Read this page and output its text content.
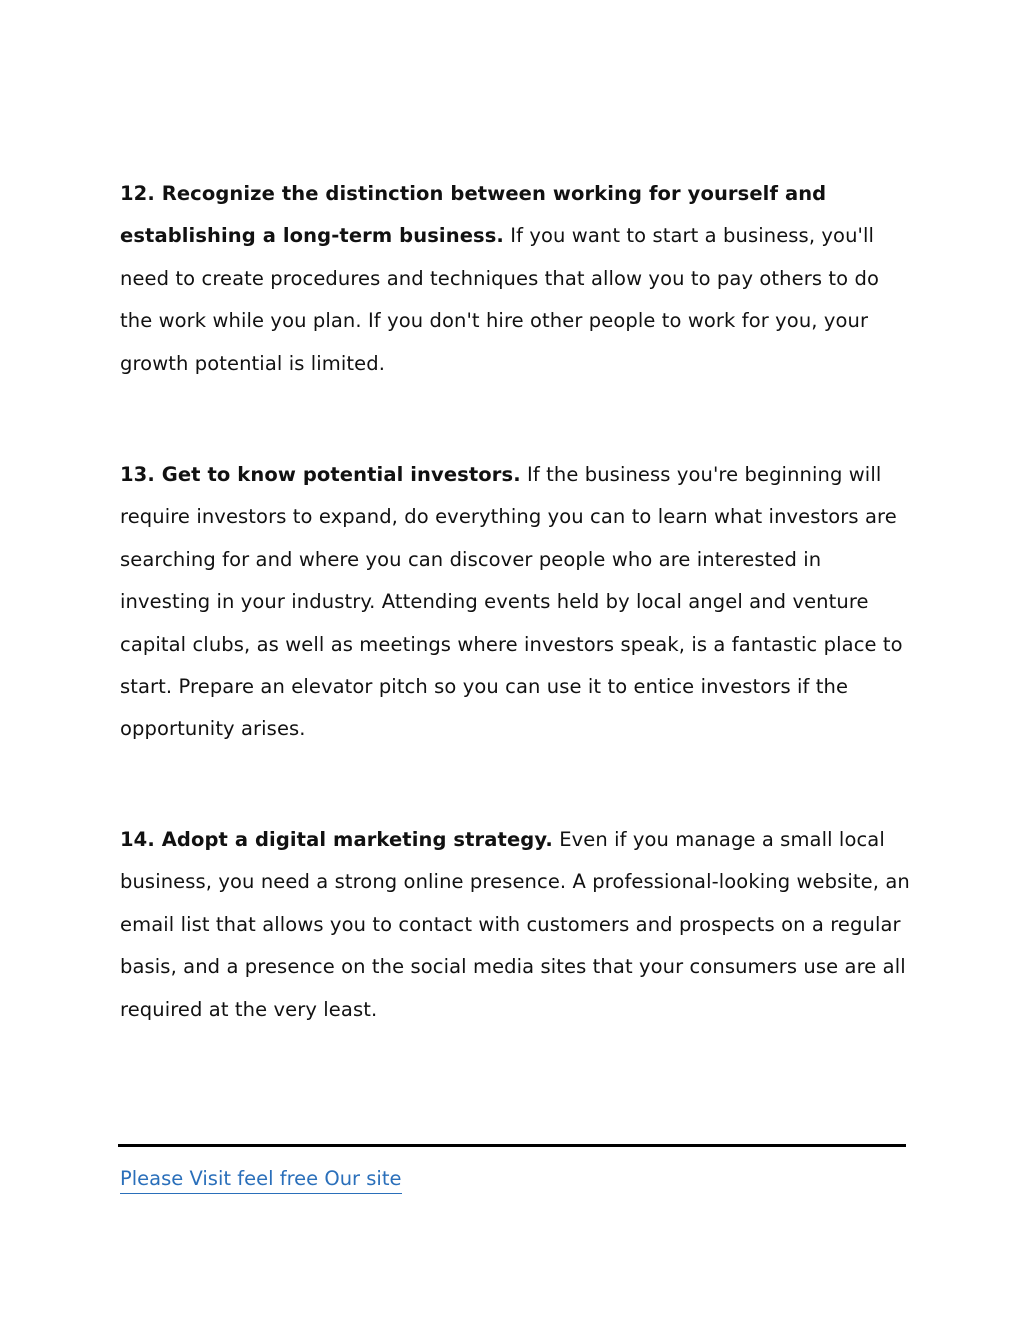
12. Recognize the distinction between working for yourself and establishing a long-term business. If you want to start a business, you'll need to create procedures and techniques that allow you to pay others to do the work while you plan. If you don't hire other people to work for you, your growth potential is limited.

13. Get to know potential investors. If the business you're beginning will require investors to expand, do everything you can to learn what investors are searching for and where you can discover people who are interested in investing in your industry. Attending events held by local angel and venture capital clubs, as well as meetings where investors speak, is a fantastic place to start. Prepare an elevator pitch so you can use it to entice investors if the opportunity arises.

14. Adopt a digital marketing strategy. Even if you manage a small local business, you need a strong online presence. A professional-looking website, an email list that allows you to contact with customers and prospects on a regular basis, and a presence on the social media sites that your consumers use are all required at the very least.

Please Visit feel free Our site
